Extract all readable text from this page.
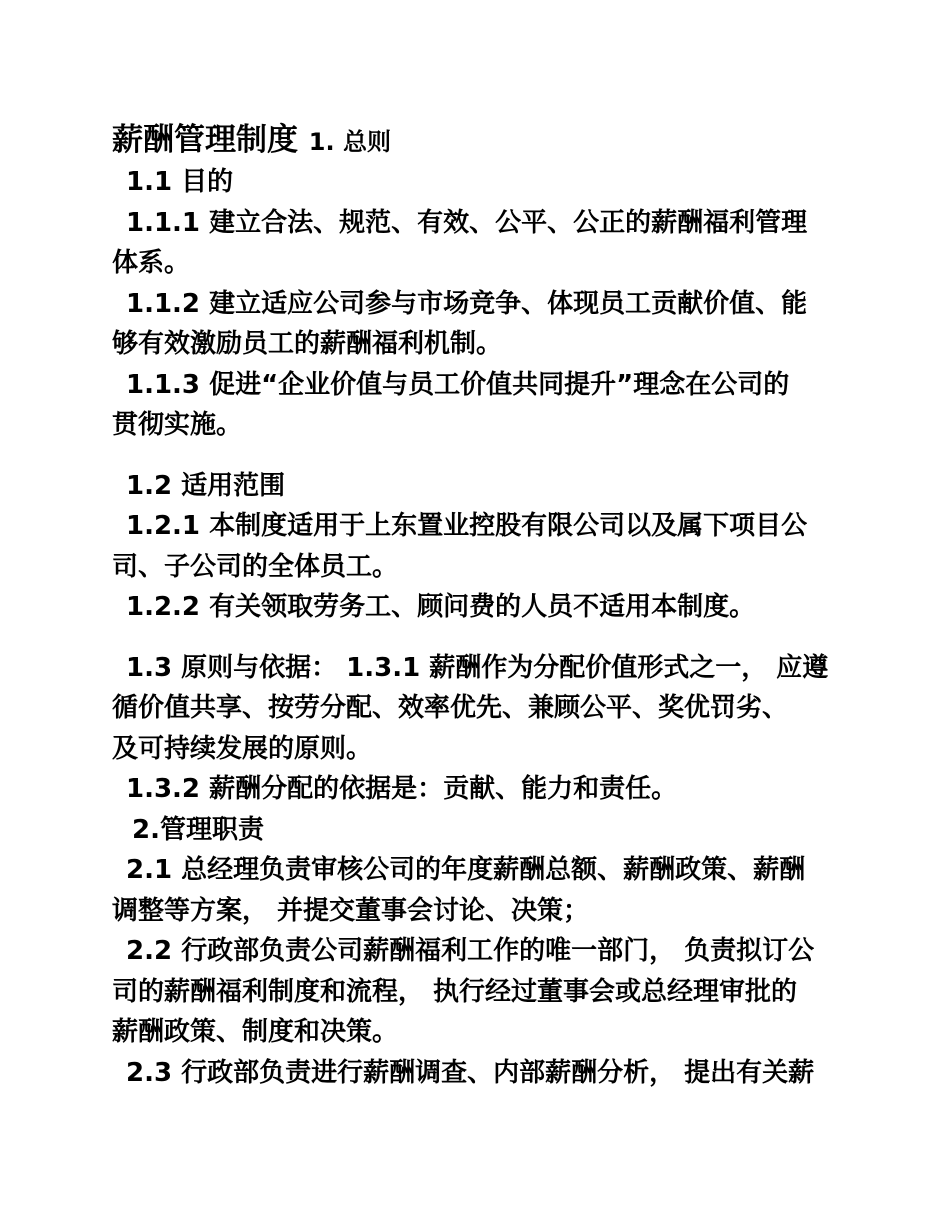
薪酬管理制度 1. 总则
1.1 目的
1.1.1 建立合法、规范、有效、公平、公正的薪酬福利管理
体系。
1.1.2 建立适应公司参与市场竞争、体现员工贡献价值、能
够有效激励员工的薪酬福利机制。
1.1.3 促进“企业价值与员工价值共同提升”理念在公司的
贯彻实施。
1.2 适用范围
1.2.1 本制度适用于上东置业控股有限公司以及属下项目公
司、子公司的全体员工。
1.2.2 有关领取劳务工、顾问费的人员不适用本制度。
1.3 原则与依据： 1.3.1 薪酬作为分配价值形式之一， 应遵
循价值共享、按劳分配、效率优先、兼顾公平、奖优罚劣、
及可持续发展的原则。
1.3.2 薪酬分配的依据是：贡献、能力和责任。
2.管理职责
2.1 总经理负责审核公司的年度薪酬总额、薪酬政策、薪酬
调整等方案， 并提交董事会讨论、决策；
2.2 行政部负责公司薪酬福利工作的唯一部门， 负责拟订公
司的薪酬福利制度和流程， 执行经过董事会或总经理审批的
薪酬政策、制度和决策。
2.3 行政部负责进行薪酬调查、内部薪酬分析， 提出有关薪
